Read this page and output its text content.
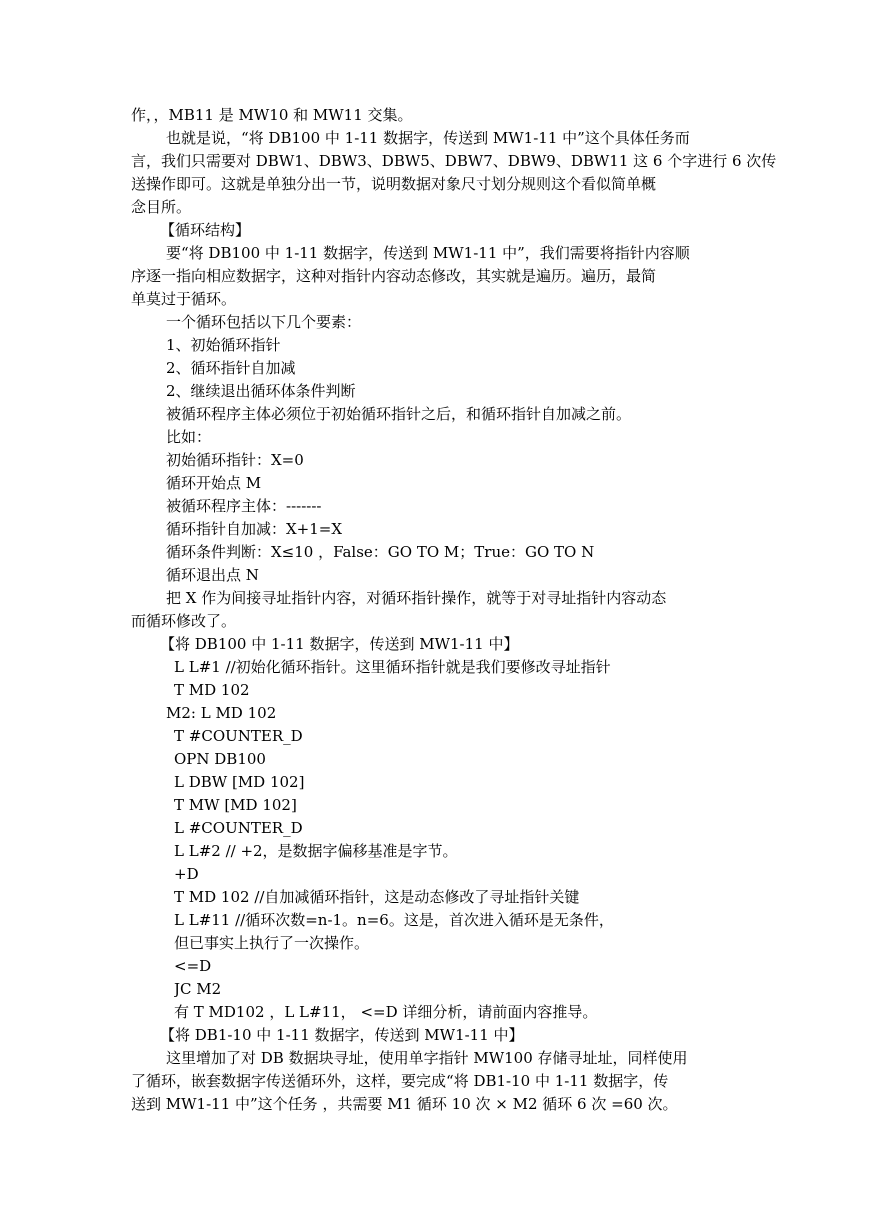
作，，MB11 是 MW10 和 MW11 交集。

也就是说，“将 DB100 中 1-11 数据字，传送到 MW1-11 中”这个具体任务而

言，我们只需要对 DBW1、DBW3、DBW5、DBW7、DBW9、DBW11 这 6 个字进行 6 次传

送操作即可。这就是单独分出一节，说明数据对象尺寸划分规则这个看似简单概

念目所。

【循环结构】

要“将 DB100 中 1-11 数据字，传送到 MW1-11 中”，我们需要将指针内容顺

序逐一指向相应数据字，这种对指针内容动态修改，其实就是遍历。遍历，最简

单莫过于循环。

一个循环包括以下几个要素：

1、初始循环指针

2、循环指针自加减

2、继续退出循环体条件判断

被循环程序主体必须位于初始循环指针之后，和循环指针自加减之前。

比如：

初始循环指针：X=0

循环开始点 M

被循环程序主体：-------

循环指针自加减：X+1=X

循环条件判断：X≤10 ，False：GO TO M；True：GO TO N

循环退出点 N

把 X 作为间接寻址指针内容，对循环指针操作，就等于对寻址指针内容动态

而循环修改了。

【将 DB100 中 1-11 数据字，传送到 MW1-11 中】

L L#1 //初始化循环指针。这里循环指针就是我们要修改寻址指针

T MD 102

M2: L MD 102

T #COUNTER_D

OPN DB100

L DBW [MD 102]

T MW [MD 102]

L #COUNTER_D

L L#2 // +2，是数据字偏移基准是字节。

+D

T MD 102 //自加减循环指针，这是动态修改了寻址指针关键

L L#11 //循环次数=n-1。n=6。这是，首次进入循环是无条件，

但已事实上执行了一次操作。

<=D

JC M2

有 T MD102 ，L L#11， <=D 详细分析，请前面内容推导。

【将 DB1-10 中 1-11 数据字，传送到 MW1-11 中】

这里增加了对 DB 数据块寻址，使用单字指针 MW100 存储寻址址，同样使用

了循环，嵌套数据字传送循环外，这样，要完成“将 DB1-10 中 1-11 数据字，传

送到 MW1-11 中”这个任务 ，共需要 M1 循环 10 次 × M2 循环 6 次 =60 次。
